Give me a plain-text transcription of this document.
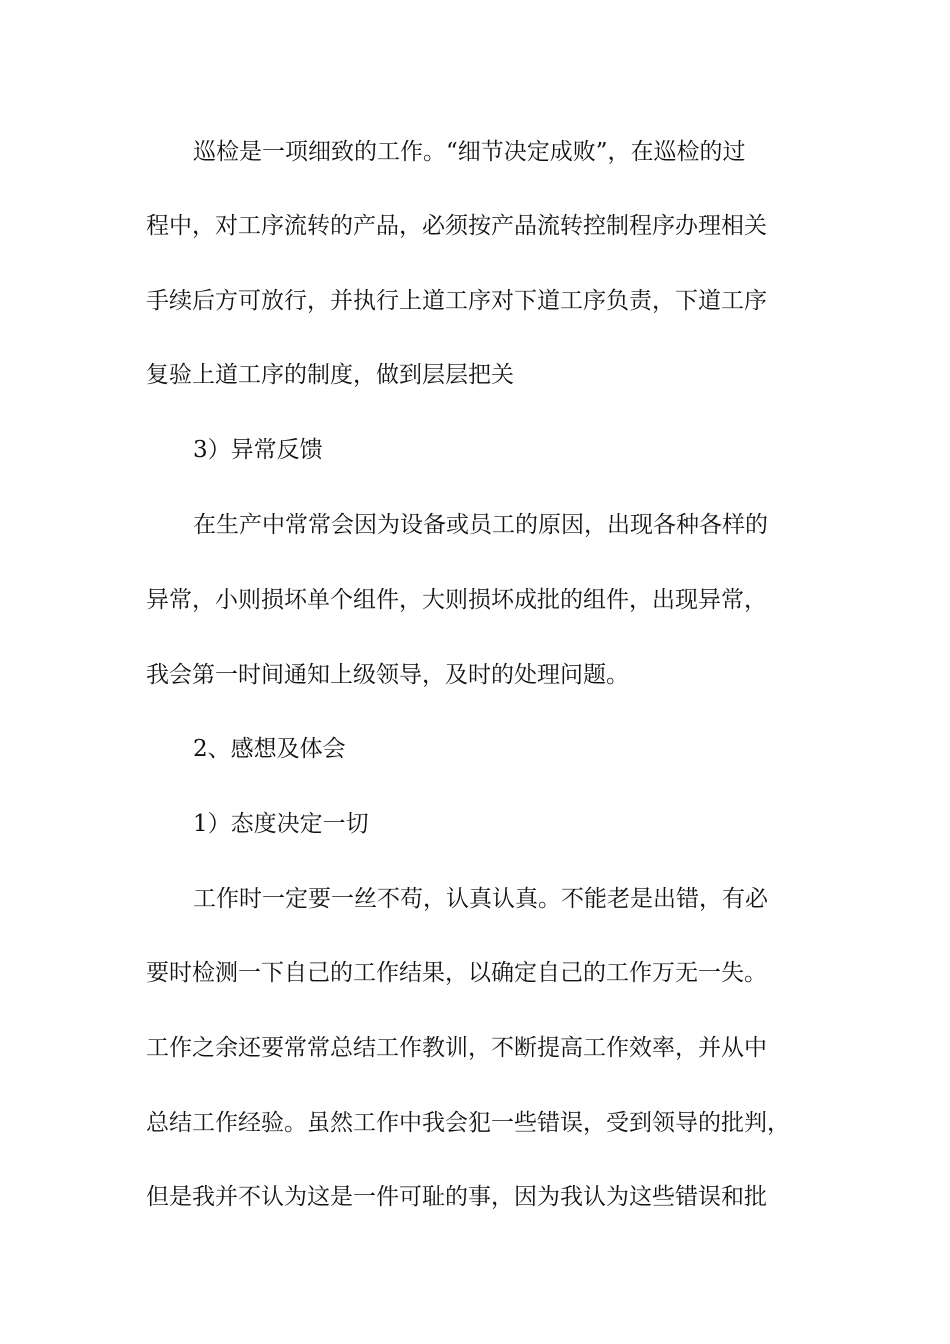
巡检是一项细致的工作。“细节决定成败”，在巡检的过
程中，对工序流转的产品，必须按产品流转控制程序办理相关
手续后方可放行，并执行上道工序对下道工序负责，下道工序
复验上道工序的制度，做到层层把关
3）异常反馈
在生产中常常会因为设备或员工的原因，出现各种各样的
异常，小则损坏单个组件，大则损坏成批的组件，出现异常，
我会第一时间通知上级领导，及时的处理问题。
2、感想及体会
1）态度决定一切
工作时一定要一丝不苟，认真认真。不能老是出错，有必
要时检测一下自己的工作结果，以确定自己的工作万无一失。
工作之余还要常常总结工作教训，不断提高工作效率，并从中
总结工作经验。虽然工作中我会犯一些错误，受到领导的批判，
但是我并不认为这是一件可耻的事，因为我认为这些错误和批
